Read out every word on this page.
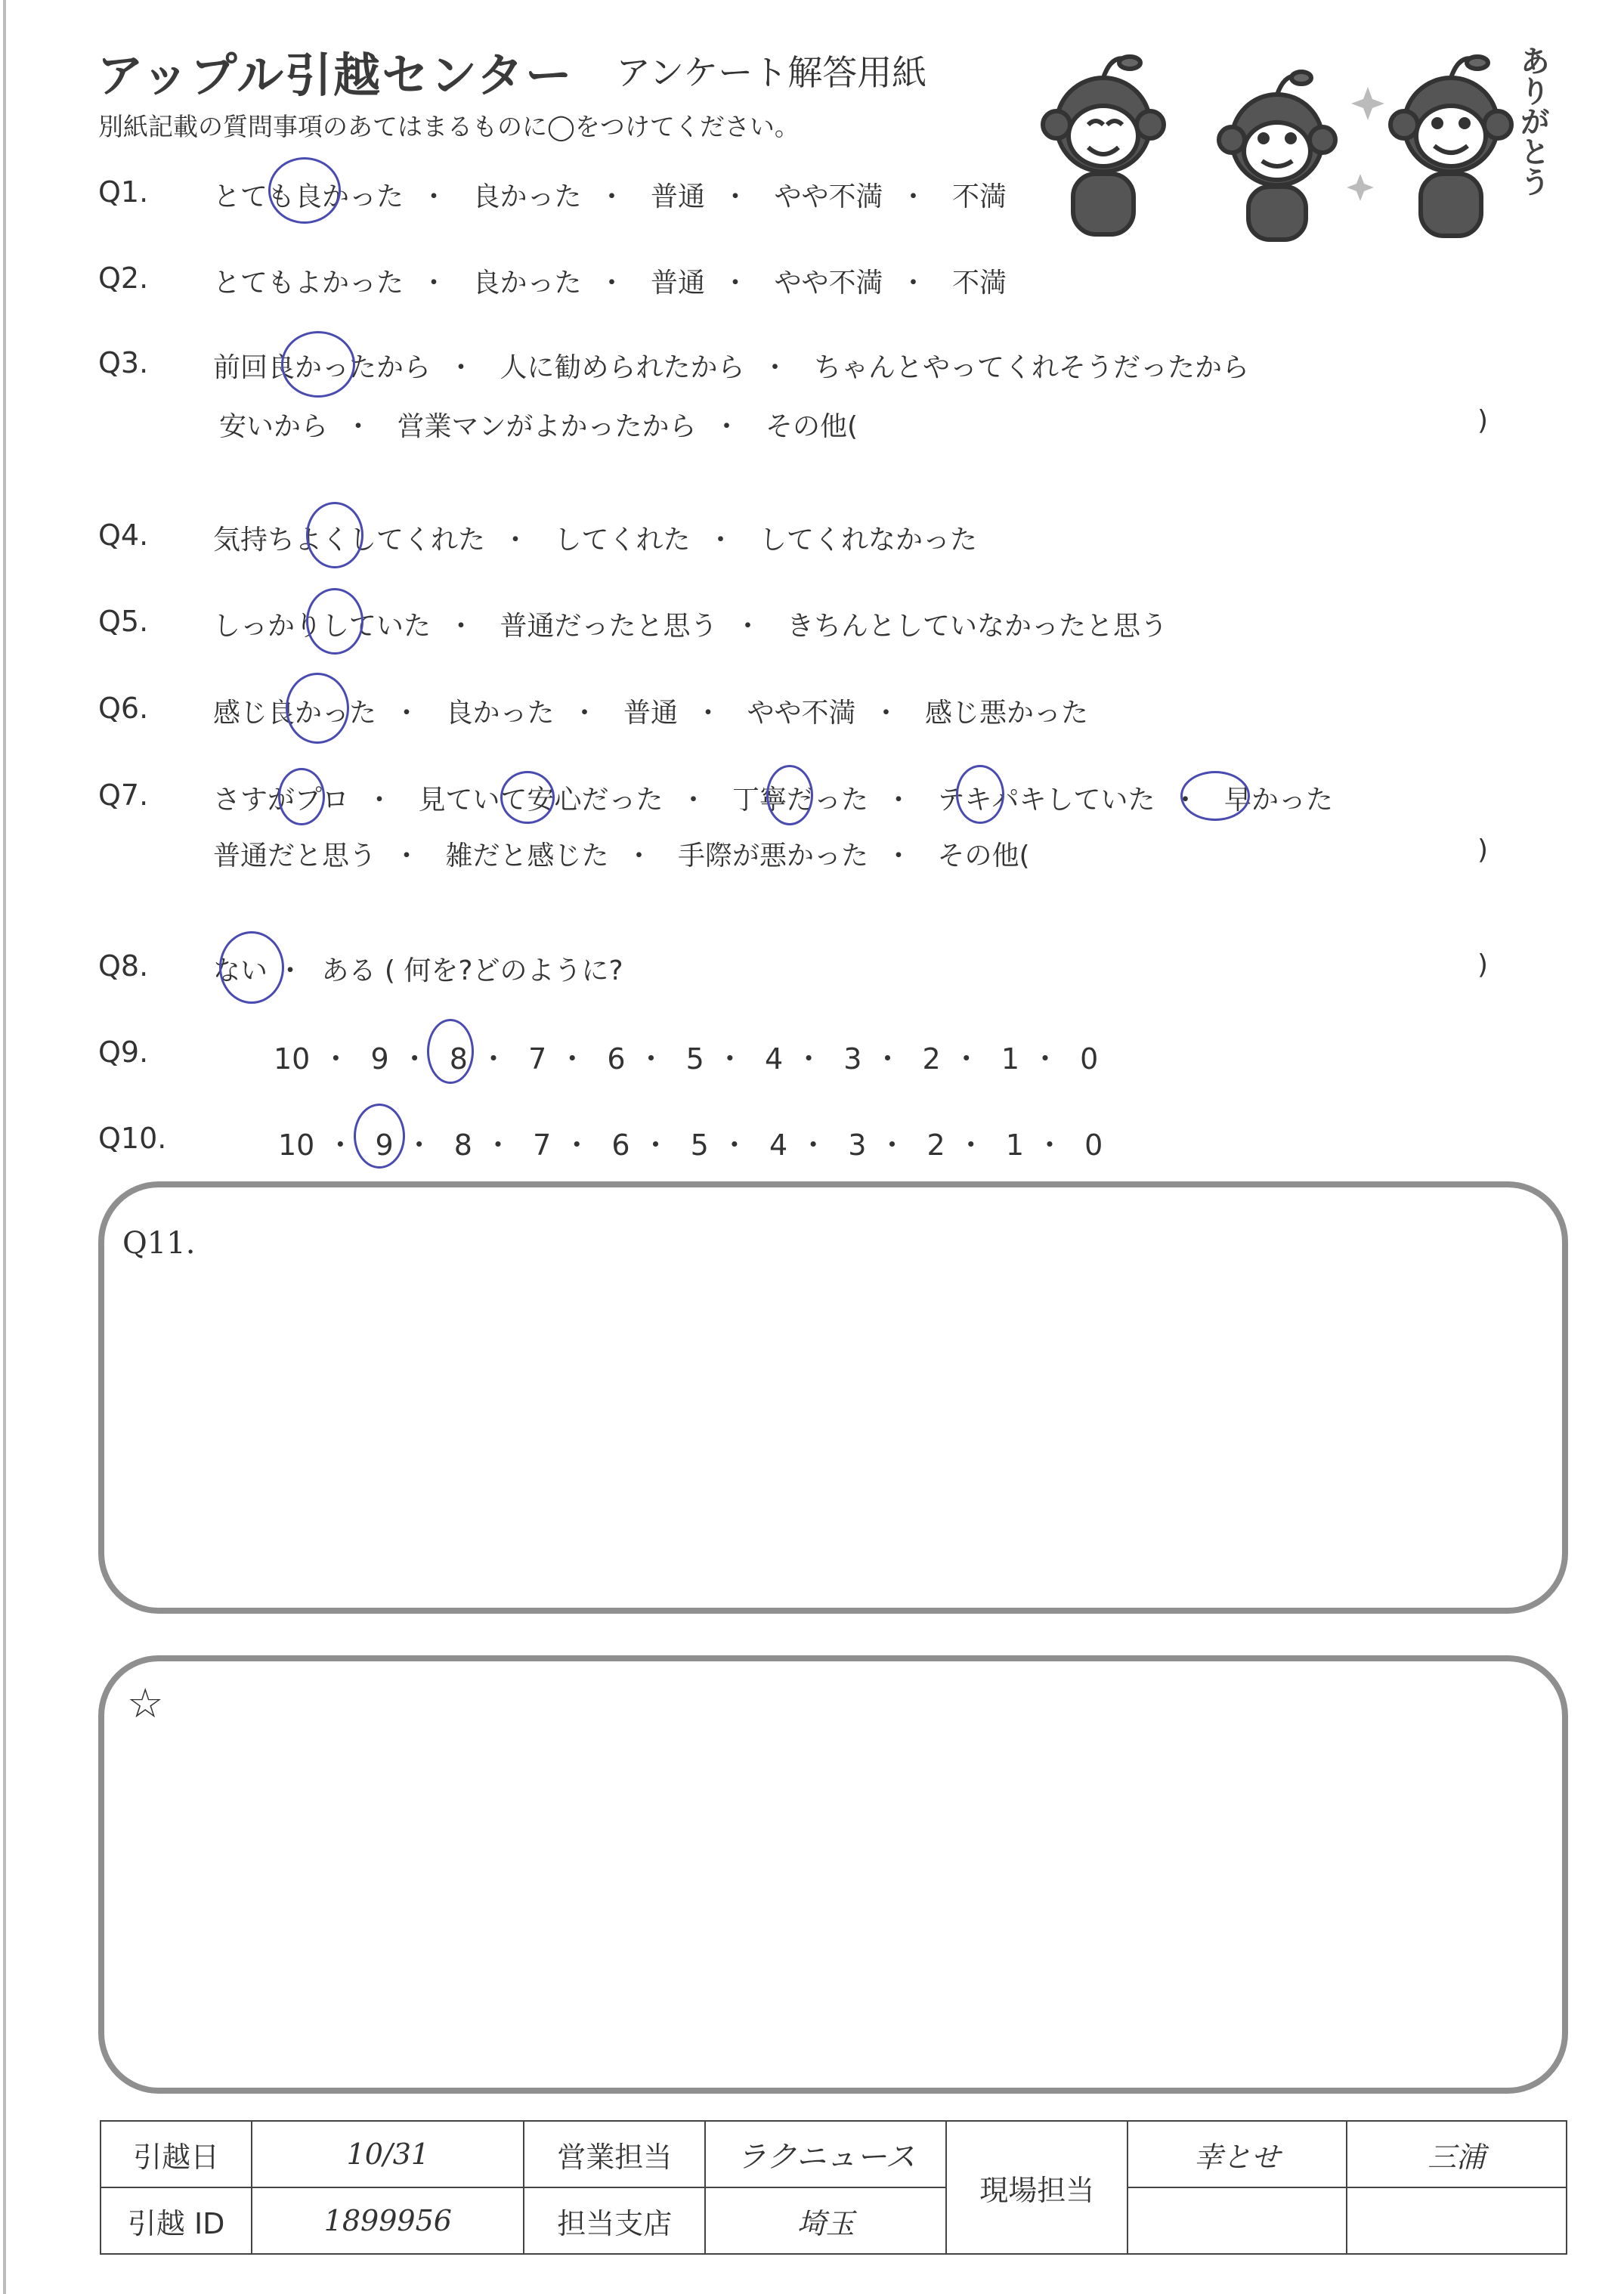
アップル引越センター アンケート解答用紙
別紙記載の質問事項のあてはまるものに◯をつけてください。	ありがとう
Q1. とても良かった ・ 良かった ・ 普通 ・ やや不満 ・ 不満
Q2. とてもよかった ・ 良かった ・ 普通 ・ やや不満 ・ 不満
Q3. 前回良かったから ・ 人に勧められたから ・ ちゃんとやってくれそうだったから
安いから ・ 営業マンがよかったから ・ その他(	)
Q4. 気持ちよくしてくれた ・ してくれた ・ してくれなかった
Q5. しっかりしていた ・ 普通だったと思う ・ きちんとしていなかったと思う
Q6. 感じ良かった ・ 良かった ・ 普通 ・ やや不満 ・ 感じ悪かった
Q7. さすがプロ ・ 見ていて安心だった ・ 丁寧だった ・ テキパキしていた ・ 早かった
普通だと思う ・ 雑だと感じた ・ 手際が悪かった ・ その他(	)
Q8. ない ・ ある ( 何を?どのように?	)
Q9.	10 ・ 9 ・ 8 ・ 7 ・ 6 ・ 5 ・ 4 ・ 3 ・ 2 ・ 1 ・ 0
Q10.	10 ・ 9 ・ 8 ・ 7 ・ 6 ・ 5 ・ 4 ・ 3 ・ 2 ・ 1 ・ 0
Q11.
☆
引越日	10/31	営業担当	ラクニュース	現場担当	幸とせ	三浦
引越 ID	1899956	担当支店	埼玉			
